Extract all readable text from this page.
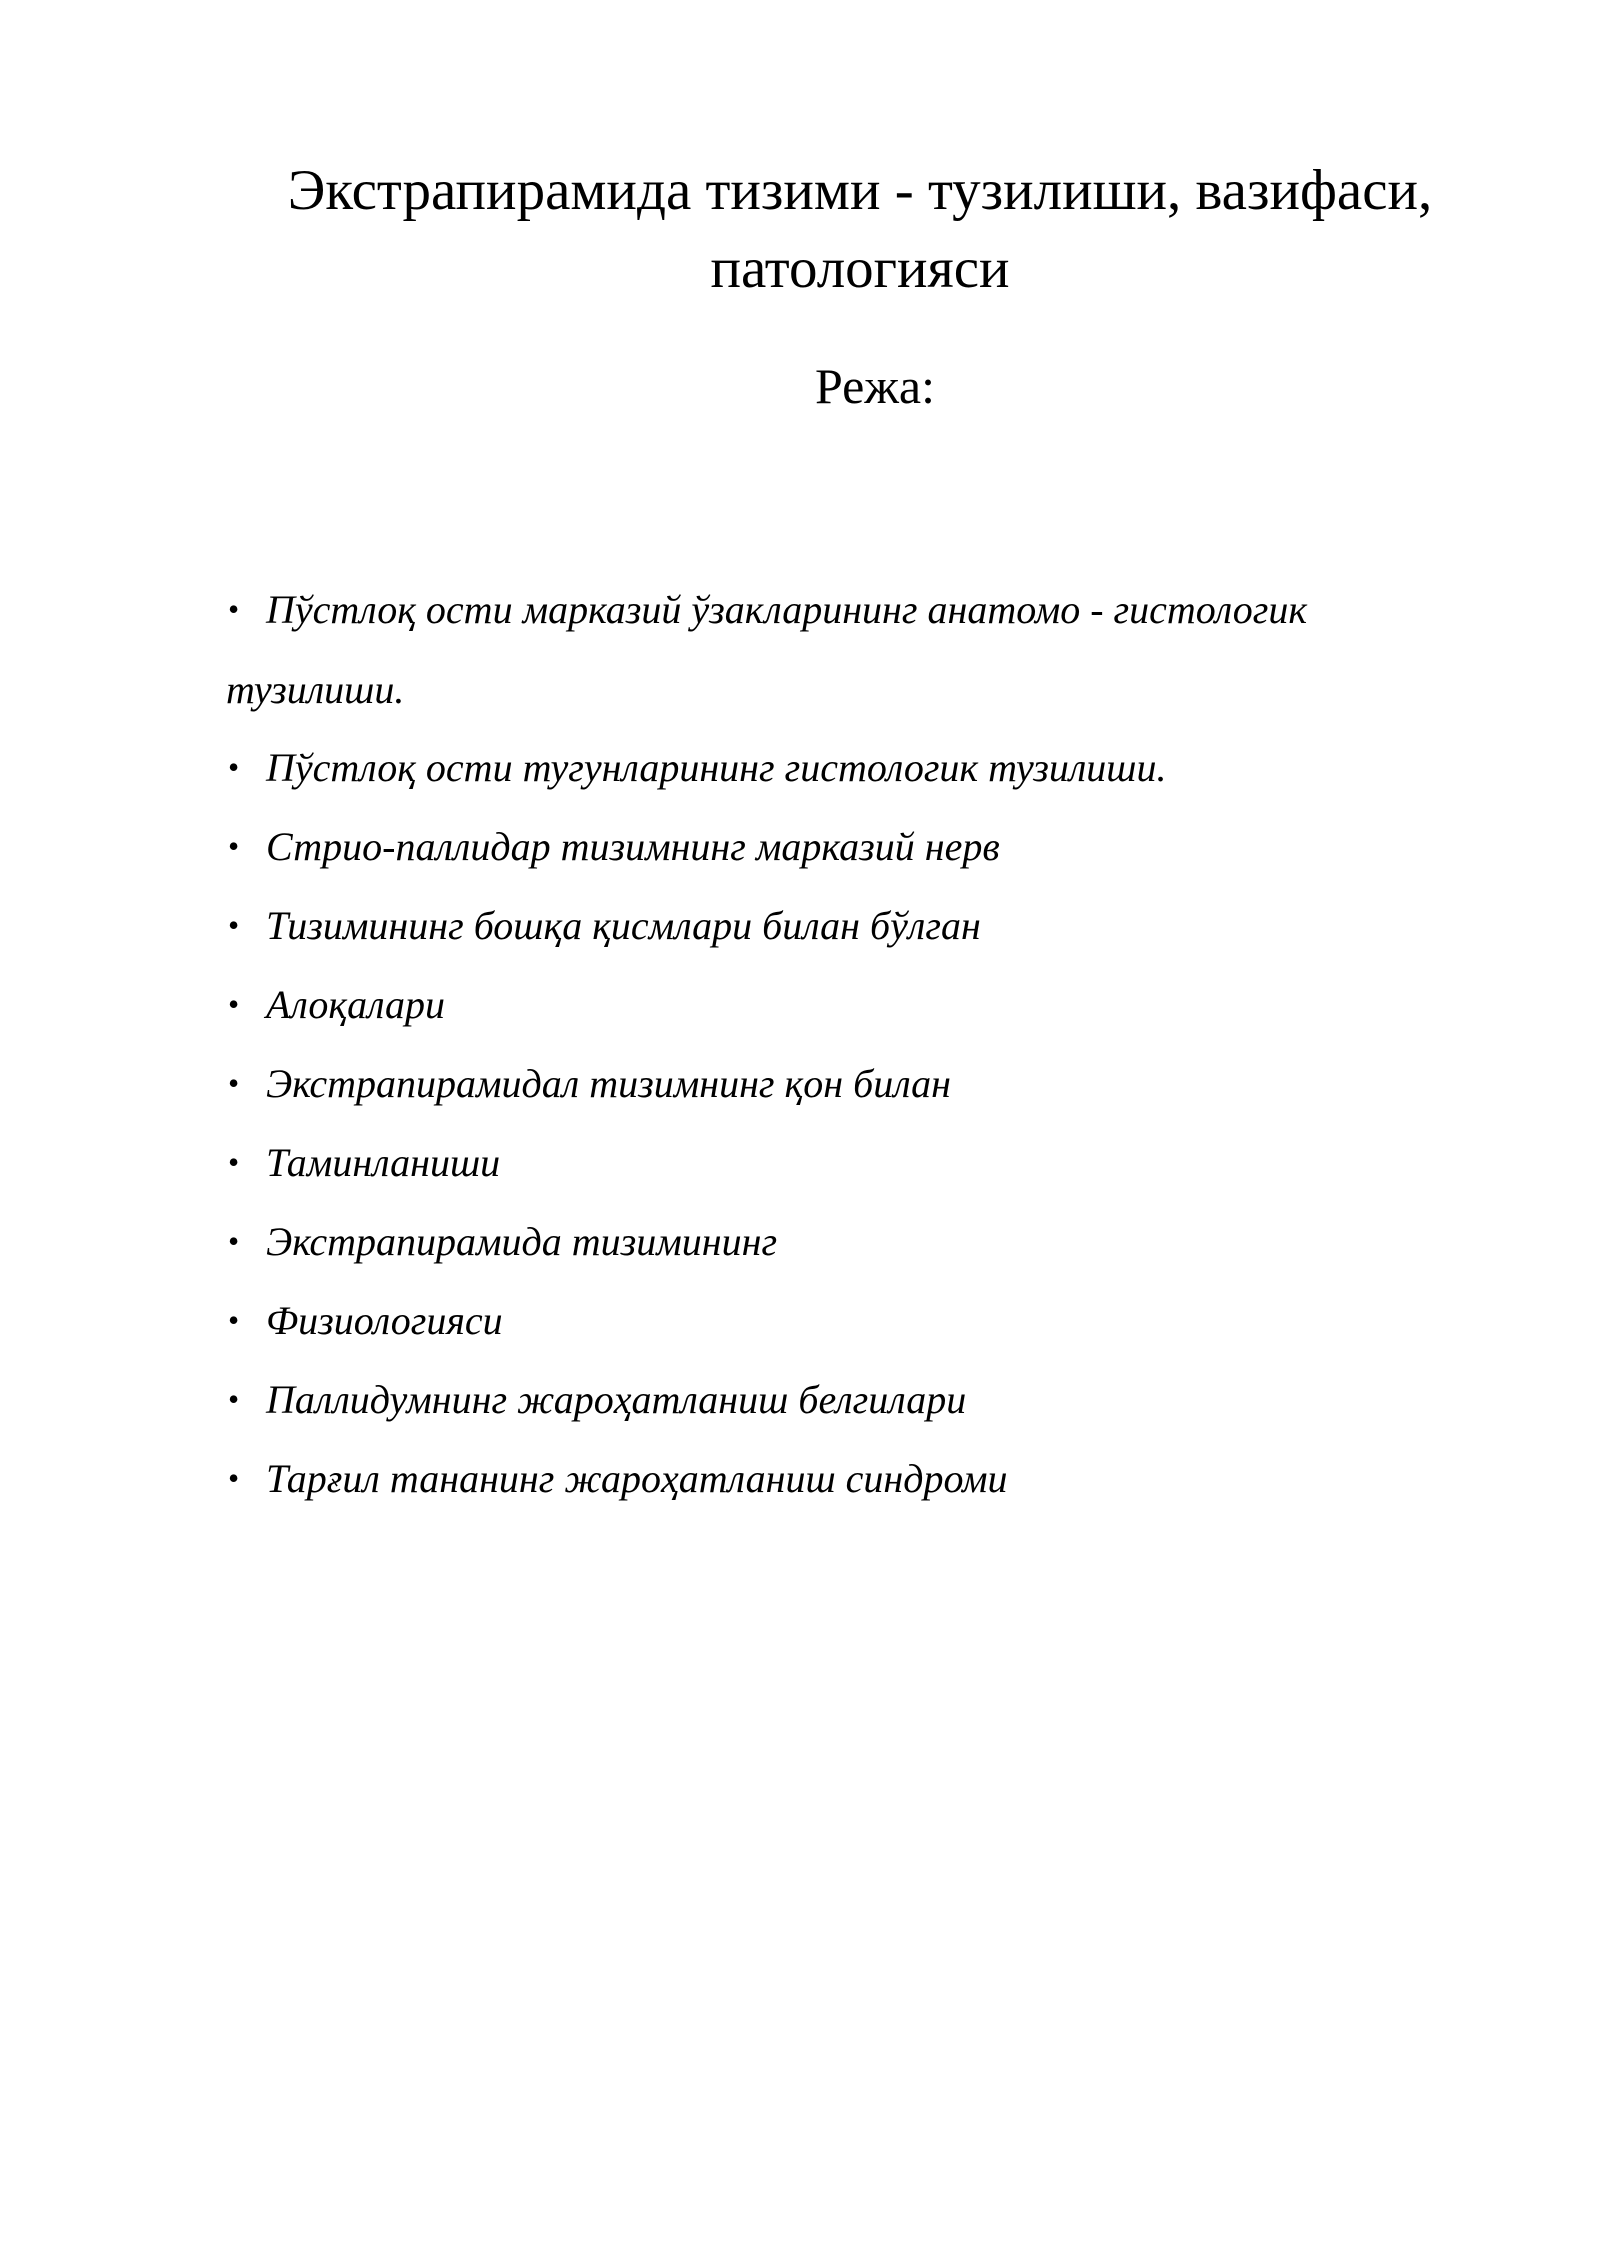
Экстрапирамида тизими - тузилиши, вазифаси,
патологияси
Режа:
• Пўстлоқ ости марказий ўзакларининг анатомо - гистологик
тузилиши.
• Пўстлоқ ости тугунларининг гистологик тузилиши.
• Стрио-паллидар тизимнинг марказий нерв
• Тизимининг бошқа қисмлари билан бўлган
• Алоқалари
• Экстрапирамидал тизимнинг қон билан
• Таминланиши
• Экстрапирамида тизимининг
• Физиологияси
• Паллидумнинг жароҳатланиш белгилари
• Тарғил тананинг жароҳатланиш синдроми
